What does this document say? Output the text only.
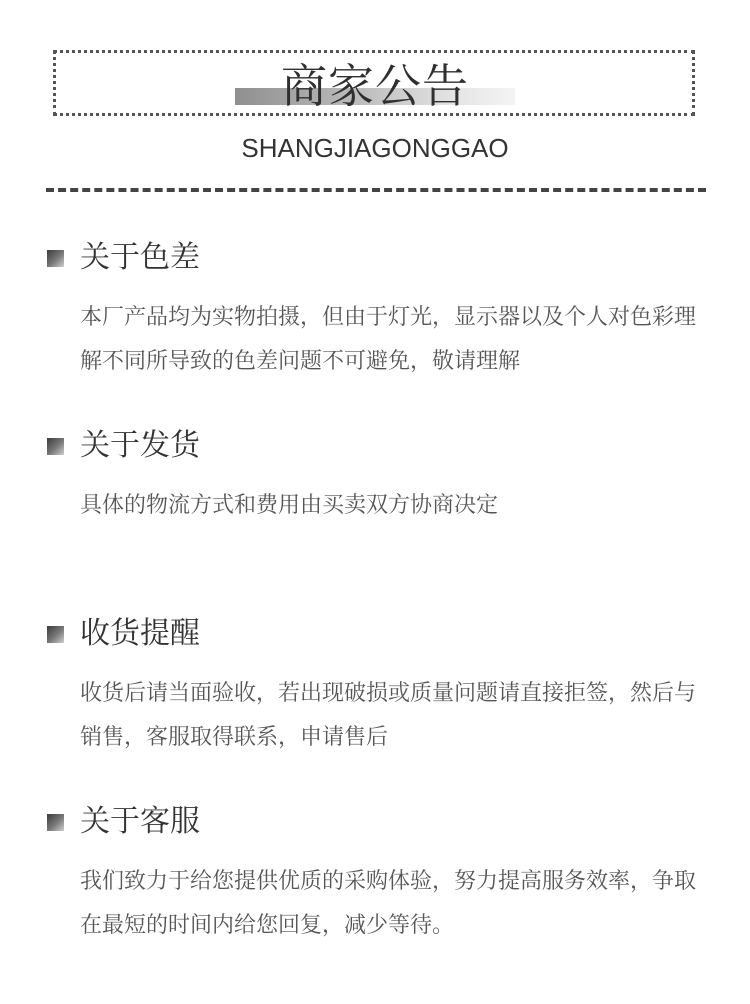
商家公告
SHANGJIAGONGGAO
关于色差
本厂产品均为实物拍摄，但由于灯光，显示器以及个人对色彩理解不同所导致的色差问题不可避免，敬请理解
关于发货
具体的物流方式和费用由买卖双方协商决定
收货提醒
收货后请当面验收，若出现破损或质量问题请直接拒签，然后与销售，客服取得联系，申请售后
关于客服
我们致力于给您提供优质的采购体验，努力提高服务效率，争取在最短的时间内给您回复，减少等待。
